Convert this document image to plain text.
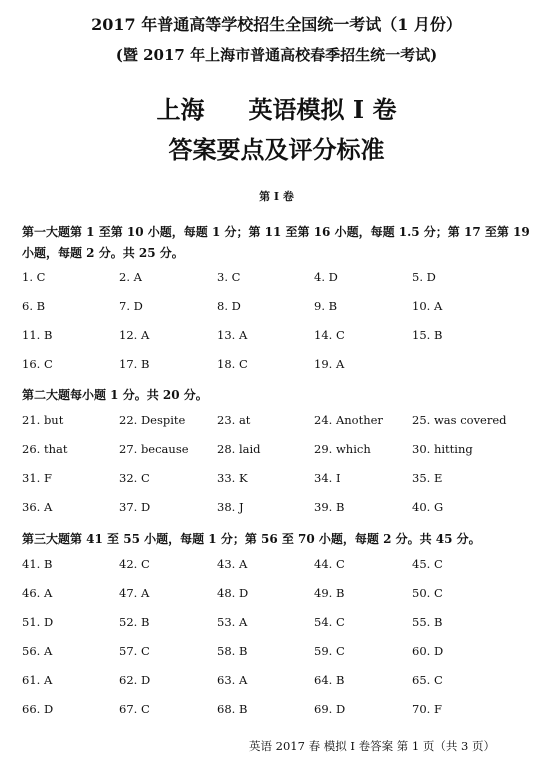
2017 年普通高等学校招生全国统一考试（1 月份）
(暨 2017 年上海市普通高校春季招生统一考试)
上海 英语模拟 I 卷
答案要点及评分标准
第 I 卷
第一大题第 1 至第 10 小题，每题 1 分；第 11 至第 16 小题，每题 1.5 分；第 17 至第 19 小题，每题 2 分。共 25 分。
1. C	2. A	3. C	4. D	5. D
6. B	7. D	8. D	9. B	10. A
11. B	12. A	13. A	14. C	15. B
16. C	17. B	18. C	19. A
第二大题每小题 1 分。共 20 分。
21. but	22. Despite	23. at	24. Another	25. was covered
26. that	27. because 28. laid	29. which	30. hitting
31. F	32. C	33. K	34. I	35. E
36. A	37. D	38. J	39. B	40. G
第三大题第 41 至 55 小题，每题 1 分；第 56 至 70 小题，每题 2 分。共 45 分。
41. B	42. C	43. A	44. C	45. C
46. A	47. A	48. D	49. B	50. C
51. D	52. B	53. A	54. C	55. B
56. A	57. C	58. B	59. C	60. D
61. A	62. D	63. A	64. B	65. C
66. D	67. C	68. B	69. D	70. F
英语 2017 春 模拟 I 卷答案 第 1 页（共 3 页）
